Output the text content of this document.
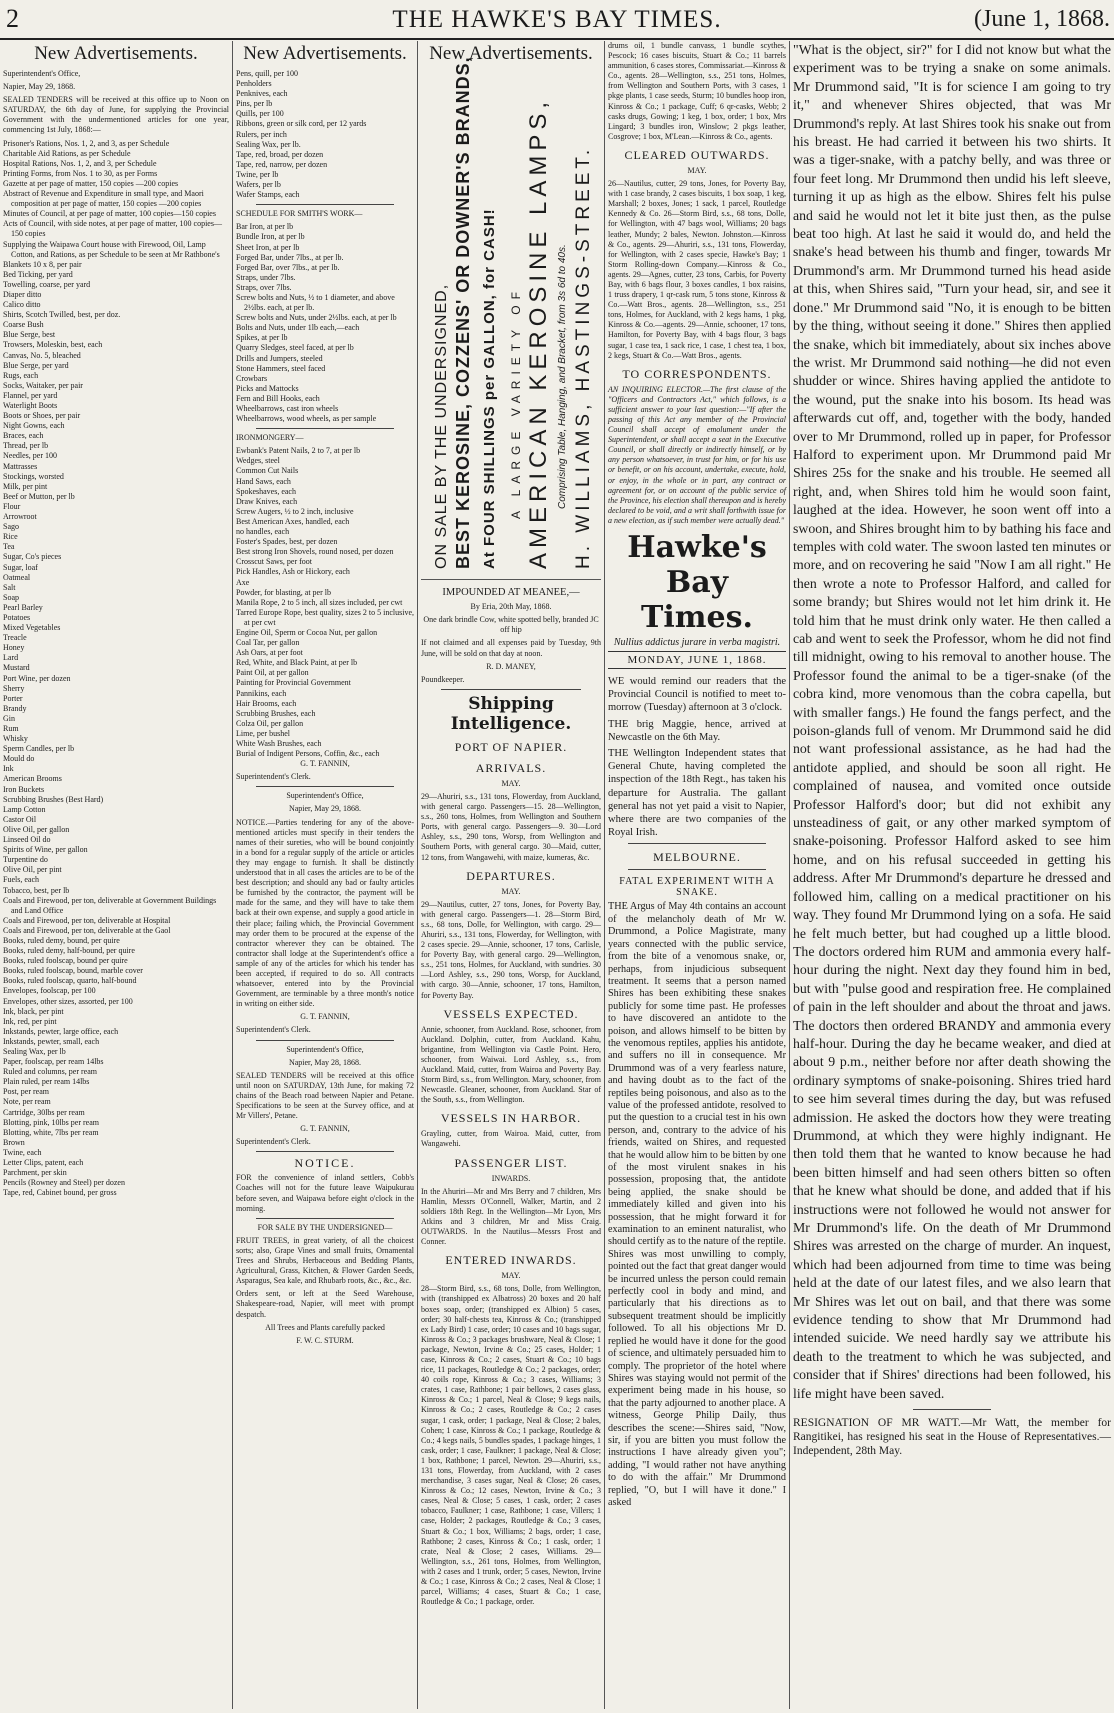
2	THE HAWKE'S BAY TIMES.	(June 1, 1868.
New Advertisements.

Superintendent's Office,

Napier, May 29, 1868.

SEALED TENDERS will be received at this office up to Noon on SATURDAY, the 6th day of June, for supplying the Provincial Government with the undermentioned articles for one year, commencing 1st July, 1868:—

Prisoner's Rations, Nos. 1, 2, and 3, as per Schedule

Charitable Aid Rations, as per Schedule

Hospital Rations, Nos. 1, 2, and 3, per Schedule

Printing Forms, from Nos. 1 to 30, as per Forms

Gazette at per page of matter, 150 copies —200 copies

Abstract of Revenue and Expenditure in small type, and Maori composition at per page of matter, 150 copies —200 copies

Minutes of Council, at per page of matter, 100 copies—150 copies

Acts of Council, with side notes, at per page of matter, 100 copies—150 copies

Supplying the Waipawa Court house with Firewood, Oil, Lamp Cotton, and Rations, as per Schedule to be seen at Mr Rathbone's

Blankets 10 x 8, per pair

Bed Ticking, per yard

Towelling, coarse, per yard

Diaper ditto

Calico ditto

Shirts, Scotch Twilled, best, per doz.

Coarse Bush

Blue Serge, best

Trowsers, Moleskin, best, each

Canvas, No. 5, bleached

Blue Serge, per yard

Rugs, each

Socks, Waitaker, per pair

Flannel, per yard

Waterlight Boots

Boots or Shoes, per pair

Night Gowns, each

Braces, each

Thread, per lb

Needles, per 100

Mattrasses

Stockings, worsted

Milk, per pint

Beef or Mutton, per lb

Flour

Arrowroot

Sago

Rice

Tea

Sugar, Co's pieces

Sugar, loaf

Oatmeal

Salt

Soap

Pearl Barley

Potatoes

Mixed Vegetables

Treacle

Honey

Lard

Mustard

Port Wine, per dozen

Sherry

Porter

Brandy

Gin

Rum

Whisky

Sperm Candles, per lb

Mould do

Ink

American Brooms

Iron Buckets

Scrubbing Brushes (Best Hard)

Lamp Cotton

Castor Oil

Olive Oil, per gallon

Linseed Oil do

Spirits of Wine, per gallon

Turpentine do

Olive Oil, per pint

Fuels, each

Tobacco, best, per lb

Coals and Firewood, per ton, deliverable at Government Buildings and Land Office

Coals and Firewood, per ton, deliverable at Hospital

Coals and Firewood, per ton, deliverable at the Gaol

Books, ruled demy, bound, per quire

Books, ruled demy, half-bound, per quire

Books, ruled foolscap, bound per quire

Books, ruled foolscap, bound, marble cover

Books, ruled foolscap, quarto, half-bound

Envelopes, foolscap, per 100

Envelopes, other sizes, assorted, per 100

Ink, black, per pint

Ink, red, per pint

Inkstands, pewter, large office, each

Inkstands, pewter, small, each

Sealing Wax, per lb

Paper, foolscap, per ream 14lbs

Ruled and columns, per ream

Plain ruled, per ream 14lbs

Post, per ream

Note, per ream

Cartridge, 30lbs per ream

Blotting, pink, 10lbs per ream

Blotting, white, 7lbs per ream

Brown

Twine, each

Letter Clips, patent, each

Parchment, per skin

Pencils (Rowney and Steel) per dozen

Tape, red, Cabinet bound, per gross

New Advertisements.

Pens, quill, per 100

Penholders

Penknives, each

Pins, per lb

Quills, per 100

Ribbons, green or silk cord, per 12 yards

Rulers, per inch

Sealing Wax, per lb.

Tape, red, broad, per dozen

Tape, red, narrow, per dozen

Twine, per lb

Wafers, per lb

Wafer Stamps, each

SCHEDULE FOR SMITH'S WORK—

Bar Iron, at per lb

Bundle Iron, at per lb

Sheet Iron, at per lb

Forged Bar, under 7lbs., at per lb.

Forged Bar, over 7lbs., at per lb.

Straps, under 7lbs.

Straps, over 7lbs.

Screw bolts and Nuts, ½ to 1 diameter, and above 2½lbs. each, at per lb.

Screw bolts and Nuts, under 2½lbs. each, at per lb

Bolts and Nuts, under 1lb each,—each

Spikes, at per lb

Quarry Sledges, steel faced, at per lb

Drills and Jumpers, steeled

Stone Hammers, steel faced

Crowbars

Picks and Mattocks

Fern and Bill Hooks, each

Wheelbarrows, cast iron wheels

Wheelbarrows, wood wheels, as per sample

IRONMONGERY—

Ewbank's Patent Nails, 2 to 7, at per lb

Wedges, steel

Common Cut Nails

Hand Saws, each

Spokeshaves, each

Draw Knives, each

Screw Augers, ½ to 2 inch, inclusive

Best American Axes, handled, each

no handles, each

Foster's Spades, best, per dozen

Best strong Iron Shovels, round nosed, per dozen

Crosscut Saws, per foot

Pick Handles, Ash or Hickory, each

Axe

Powder, for blasting, at per lb

Manila Rope, 2 to 5 inch, all sizes included, per cwt

Tarred Europe Rope, best quality, sizes 2 to 5 inclusive, at per cwt

Engine Oil, Sperm or Cocoa Nut, per gallon

Coal Tar, per gallon

Ash Oars, at per foot

Red, White, and Black Paint, at per lb

Paint Oil, at per gallon

Painting for Provincial Government

Pannikins, each

Hair Brooms, each

Scrubbing Brushes, each

Colza Oil, per gallon

Lime, per bushel

White Wash Brushes, each

Burial of Indigent Persons, Coffin, &c., each

G. T. FANNIN,

Superintendent's Clerk.

Superintendent's Office,

Napier, May 29, 1868.

NOTICE.—Parties tendering for any of the above-mentioned articles must specify in their tenders the names of their sureties, who will be bound conjointly in a bond for a regular supply of the article or articles they may engage to furnish. It shall be distinctly understood that in all cases the articles are to be of the best description; and should any bad or faulty articles be furnished by the contractor, the payment will be made for the same, and they will have to take them back at their own expense, and supply a good article in their place; failing which, the Provincial Government may order them to be procured at the expense of the contractor wherever they can be obtained. The contractor shall lodge at the Superintendent's office a sample of any of the articles for which his tender has been accepted, if required to do so. All contracts whatsoever, entered into by the Provincial Government, are terminable by a three month's notice in writing on either side.

G. T. FANNIN,

Superintendent's Clerk.

Superintendent's Office,

Napier, May 28, 1868.

SEALED TENDERS will be received at this office until noon on SATURDAY, 13th June, for making 72 chains of the Beach road between Napier and Petane. Specifications to be seen at the Survey office, and at Mr Villers', Petane.

G. T. FANNIN,

Superintendent's Clerk.

NOTICE.

FOR the convenience of inland settlers, Cobb's Coaches will not for the future leave Waipukurau before seven, and Waipawa before eight o'clock in the morning.

FOR SALE BY THE UNDERSIGNED—

FRUIT TREES, in great variety, of all the choicest sorts; also, Grape Vines and small fruits, Ornamental Trees and Shrubs, Herbaceous and Bedding Plants, Agricultural, Grass, Kitchen, & Flower Garden Seeds, Asparagus, Sea kale, and Rhubarb roots, &c., &c., &c.

Orders sent, or left at the Seed Warehouse, Shakespeare-road, Napier, will meet with prompt despatch.

All Trees and Plants carefully packed

F. W. C. STURM.

New Advertisements.
ON SALE BY THE UNDERSIGNED, BEST KEROSINE, COZZENS' OR DOWNER'S BRANDS, At FOUR SHILLINGS per GALLON, for CASH! A LARGE VARIETY OF AMERICAN KEROSINE LAMPS, Comprising Table, Hanging, and Bracket, from 3s 6d to 40s. H. WILLIAMS, HASTINGS-STREET.

IMPOUNDED AT MEANEE,—

By Eria, 20th May, 1868.

One dark brindle Cow, white spotted belly, branded JC off hip

If not claimed and all expenses paid by Tuesday, 9th June, will be sold on that day at noon.

R. D. MANEY,

Poundkeeper.

Shipping Intelligence.
PORT OF NAPIER.
ARRIVALS.

MAY.

29—Ahuriri, s.s., 131 tons, Flowerday, from Auckland, with general cargo. Passengers—15. 28—Wellington, s.s., 260 tons, Holmes, from Wellington and Southern Ports, with general cargo. Passengers—9. 30—Lord Ashley, s.s., 290 tons, Worsp, from Wellington and Southern Ports, with general cargo. 30—Maid, cutter, 12 tons, from Wangawehi, with maize, kumeras, &c.

DEPARTURES.

MAY.

29—Nautilus, cutter, 27 tons, Jones, for Poverty Bay, with general cargo. Passengers—1. 28—Storm Bird, s.s., 68 tons, Dolle, for Wellington, with cargo. 29—Ahuriri, s.s., 131 tons, Flowerday, for Wellington, with 2 cases specie. 29—Annie, schooner, 17 tons, Carlisle, for Poverty Bay, with general cargo. 29—Wellington, s.s., 251 tons, Holmes, for Auckland, with sundries. 30—Lord Ashley, s.s., 290 tons, Worsp, for Auckland, with cargo. 30—Annie, schooner, 17 tons, Hamilton, for Poverty Bay.

VESSELS EXPECTED.

Annie, schooner, from Auckland. Rose, schooner, from Auckland. Dolphin, cutter, from Auckland. Kahu, brigantine, from Wellington via Castle Point. Hero, schooner, from Waiwai. Lord Ashley, s.s., from Auckland. Maid, cutter, from Wairoa and Poverty Bay. Storm Bird, s.s., from Wellington. Mary, schooner, from Newcastle. Gleaner, schooner, from Auckland. Star of the South, s.s., from Wellington.

VESSELS IN HARBOR.

Grayling, cutter, from Wairoa. Maid, cutter, from Wangawehi.

PASSENGER LIST.

INWARDS.

In the Ahuriri—Mr and Mrs Berry and 7 children, Mrs Hamlin, Messrs O'Connell, Walker, Martin, and 2 soldiers 18th Regt. In the Wellington—Mr Lyon, Mrs Atkins and 3 children, Mr and Miss Craig. OUTWARDS. In the Nautilus—Messrs Frost and Conner.

ENTERED INWARDS.

MAY.

28—Storm Bird, s.s., 68 tons, Dolle, from Wellington, with (transhipped ex Albatross) 20 boxes and 20 half boxes soap, order; (transhipped ex Albion) 5 cases, order; 30 half-chests tea, Kinross & Co.; (transhipped ex Lady Bird) 1 case, order; 10 cases and 10 bags sugar, Kinross & Co.; 3 packages brushware, Neal & Close; 1 package, Newton, Irvine & Co.; 25 cases, Holder; 1 case, Kinross & Co.; 2 cases, Stuart & Co.; 10 bags rice, 11 packages, Routledge & Co.; 2 packages, order; 40 coils rope, Kinross & Co.; 3 cases, Williams; 3 crates, 1 case, Rathbone; 1 pair bellows, 2 cases glass, Kinross & Co.; 1 parcel, Neal & Close; 9 kegs nails, Kinross & Co.; 2 cases, Routledge & Co.; 2 cases sugar, 1 cask, order; 1 package, Neal & Close; 2 bales, Cohen; 1 case, Kinross & Co.; 1 package, Routledge & Co.; 4 kegs nails, 5 bundles spades, 1 package hinges, 1 cask, order; 1 case, Faulkner; 1 package, Neal & Close; 1 box, Rathbone; 1 parcel, Newton. 29—Ahuriri, s.s., 131 tons, Flowerday, from Auckland, with 2 cases merchandise, 3 cases sugar, Neal & Close; 26 cases, Kinross & Co.; 12 cases, Newton, Irvine & Co.; 3 cases, Neal & Close; 5 cases, 1 cask, order; 2 cases tobacco, Faulkner; 1 case, Rathbone; 1 case, Villers; 1 case, Holder; 2 packages, Routledge & Co.; 3 cases, Stuart & Co.; 1 box, Williams; 2 bags, order; 1 case, Rathbone; 2 cases, Kinross & Co.; 1 cask, order; 1 crate, Neal & Close; 2 cases, Williams. 29—Wellington, s.s., 261 tons, Holmes, from Wellington, with 2 cases and 1 trunk, order; 5 cases, Newton, Irvine & Co.; 1 case, Kinross & Co.; 2 cases, Neal & Close; 1 parcel, Williams; 4 cases, Stuart & Co.; 1 case, Routledge & Co.; 1 package, order.

drums oil, 1 bundle canvass, 1 bundle scythes, Pescock; 16 cases biscuits, Stuart & Co.; 11 barrels ammunition, 6 cases stores, Commissariat.—Kinross & Co., agents. 28—Wellington, s.s., 251 tons, Holmes, from Wellington and Southern Ports, with 3 cases, 1 pkge plants, 1 case seeds, Sturm; 10 bundles hoop iron, Kinross & Co.; 1 package, Cuff; 6 qr-casks, Webb; 2 casks drugs, Gowing; 1 keg, 1 box, order; 1 box, Mrs Lingard; 3 bundles iron, Winslow; 2 pkgs leather, Cosgrove; 1 box, M'Lean.—Kinross & Co., agents.

CLEARED OUTWARDS.

MAY.

26—Nautilus, cutter, 29 tons, Jones, for Poverty Bay, with 1 case brandy, 2 cases biscuits, 1 box soap, 1 keg, Marshall; 2 boxes, Jones; 1 sack, 1 parcel, Routledge Kennedy & Co. 26—Storm Bird, s.s., 68 tons, Dolle, for Wellington, with 47 bags wool, Williams; 20 bags leather, Mundy; 2 bales, Newton. Johnston.—Kinross & Co., agents. 29—Ahuriri, s.s., 131 tons, Flowerday, for Wellington, with 2 cases specie, Hawke's Bay; 1 Storm Rolling-down Company.—Kinross & Co., agents. 29—Agnes, cutter, 23 tons, Carbis, for Poverty Bay, with 6 bags flour, 3 boxes candles, 1 box raisins, 1 truss drapery, 1 qr-cask rum, 5 tons stone, Kinross & Co.—Watt Bros., agents. 28—Wellington, s.s., 251 tons, Holmes, for Auckland, with 2 kegs hams, 1 pkg, Kinross & Co.—agents. 29—Annie, schooner, 17 tons, Hamilton, for Poverty Bay, with 4 bags flour, 3 bags sugar, 1 case tea, 1 sack rice, 1 case, 1 chest tea, 1 box, 2 kegs, Stuart & Co.—Watt Bros., agents.

TO CORRESPONDENTS.

AN INQUIRING ELECTOR.—The first clause of the "Officers and Contractors Act," which follows, is a sufficient answer to your last question:—"If after the passing of this Act any member of the Provincial Council shall accept of emolument under the Superintendent, or shall accept a seat in the Executive Council, or shall directly or indirectly himself, or by any person whatsoever, in trust for him, or for his use or benefit, or on his account, undertake, execute, hold, or enjoy, in the whole or in part, any contract or agreement for, or on account of the public service of the Province, his election shall thereupon and is hereby declared to be void, and a writ shall forthwith issue for a new election, as if such member were actually dead."

Hawke's Bay Times.
Nullius addictus jurare in verba magistri.
MONDAY, JUNE 1, 1868.

WE would remind our readers that the Provincial Council is notified to meet to-morrow (Tuesday) afternoon at 3 o'clock.

THE brig Maggie, hence, arrived at Newcastle on the 6th May.

THE Wellington Independent states that General Chute, having completed the inspection of the 18th Regt., has taken his departure for Australia. The gallant general has not yet paid a visit to Napier, where there are two companies of the Royal Irish.

MELBOURNE.
FATAL EXPERIMENT WITH A SNAKE.

THE Argus of May 4th contains an account of the melancholy death of Mr W. Drummond, a Police Magistrate, many years connected with the public service, from the bite of a venomous snake, or, perhaps, from injudicious subsequent treatment. It seems that a person named Shires has been exhibiting these snakes publicly for some time past. He professes to have discovered an antidote to the poison, and allows himself to be bitten by the venomous reptiles, applies his antidote, and suffers no ill in consequence. Mr Drummond was of a very fearless nature, and having doubt as to the fact of the reptiles being poisonous, and also as to the value of the professed antidote, resolved to put the question to a crucial test in his own person, and, contrary to the advice of his friends, waited on Shires, and requested that he would allow him to be bitten by one of the most virulent snakes in his possession, proposing that, the antidote being applied, the snake should be immediately killed and given into his possession, that he might forward it for examination to an eminent naturalist, who should certify as to the nature of the reptile. Shires was most unwilling to comply, pointed out the fact that great danger would be incurred unless the person could remain perfectly cool in body and mind, and particularly that his directions as to subsequent treatment should be implicitly followed. To all his objections Mr D. replied he would have it done for the good of science, and ultimately persuaded him to comply. The proprietor of the hotel where Shires was staying would not permit of the experiment being made in his house, so that the party adjourned to another place. A witness, George Philip Daily, thus describes the scene:—Shires said, "Now, sir, if you are bitten you must follow the instructions I have already given you"; adding, "I would rather not have anything to do with the affair." Mr Drummond replied, "O, but I will have it done." I asked

"What is the object, sir?" for I did not know but what the experiment was to be trying a snake on some animals. Mr Drummond said, "It is for science I am going to try it," and whenever Shires objected, that was Mr Drummond's reply. At last Shires took his snake out from his breast. He had carried it between his two shirts. It was a tiger-snake, with a patchy belly, and was three or four feet long. Mr Drummond then undid his left sleeve, turning it up as high as the elbow. Shires felt his pulse and said he would not let it bite just then, as the pulse beat too high. At last he said it would do, and held the snake's head between his thumb and finger, towards Mr Drummond's arm. Mr Drummond turned his head aside at this, when Shires said, "Turn your head, sir, and see it done." Mr Drummond said "No, it is enough to be bitten by the thing, without seeing it done." Shires then applied the snake, which bit immediately, about six inches above the wrist. Mr Drummond said nothing—he did not even shudder or wince. Shires having applied the antidote to the wound, put the snake into his bosom. Its head was afterwards cut off, and, together with the body, handed over to Mr Drummond, rolled up in paper, for Professor Halford to experiment upon. Mr Drummond paid Mr Shires 25s for the snake and his trouble. He seemed all right, and, when Shires told him he would soon faint, laughed at the idea. However, he soon went off into a swoon, and Shires brought him to by bathing his face and temples with cold water. The swoon lasted ten minutes or more, and on recovering he said "Now I am all right." He then wrote a note to Professor Halford, and called for some brandy; but Shires would not let him drink it. He told him that he must drink only water. He then called a cab and went to seek the Professor, whom he did not find till midnight, owing to his removal to another house. The Professor found the animal to be a tiger-snake (of the cobra kind, more venomous than the cobra capella, but with smaller fangs.) He found the fangs perfect, and the poison-glands full of venom. Mr Drummond said he did not want professional assistance, as he had had the antidote applied, and should be soon all right. He complained of nausea, and vomited once outside Professor Halford's door; but did not exhibit any unsteadiness of gait, or any other marked symptom of snake-poisoning. Professor Halford asked to see him home, and on his refusal succeeded in getting his address. After Mr Drummond's departure he dressed and followed him, calling on a medical practitioner on his way. They found Mr Drummond lying on a sofa. He said he felt much better, but had coughed up a little blood. The doctors ordered him RUM and ammonia every half-hour during the night. Next day they found him in bed, but with "pulse good and respiration free. He complained of pain in the left shoulder and about the throat and jaws. The doctors then ordered BRANDY and ammonia every half-hour. During the day he became weaker, and died at about 9 p.m., neither before nor after death showing the ordinary symptoms of snake-poisoning. Shires tried hard to see him several times during the day, but was refused admission. He asked the doctors how they were treating Drummond, at which they were highly indignant. He then told them that he wanted to know because he had been bitten himself and had seen others bitten so often that he knew what should be done, and added that if his instructions were not followed he would not answer for Mr Drummond's life. On the death of Mr Drummond Shires was arrested on the charge of murder. An inquest, which had been adjourned from time to time was being held at the date of our latest files, and we also learn that Mr Shires was let out on bail, and that there was some evidence tending to show that Mr Drummond had intended suicide. We need hardly say we attribute his death to the treatment to which he was subjected, and consider that if Shires' directions had been followed, his life might have been saved.

RESIGNATION OF MR WATT.—Mr Watt, the member for Rangitikei, has resigned his seat in the House of Representatives.—Independent, 28th May.
